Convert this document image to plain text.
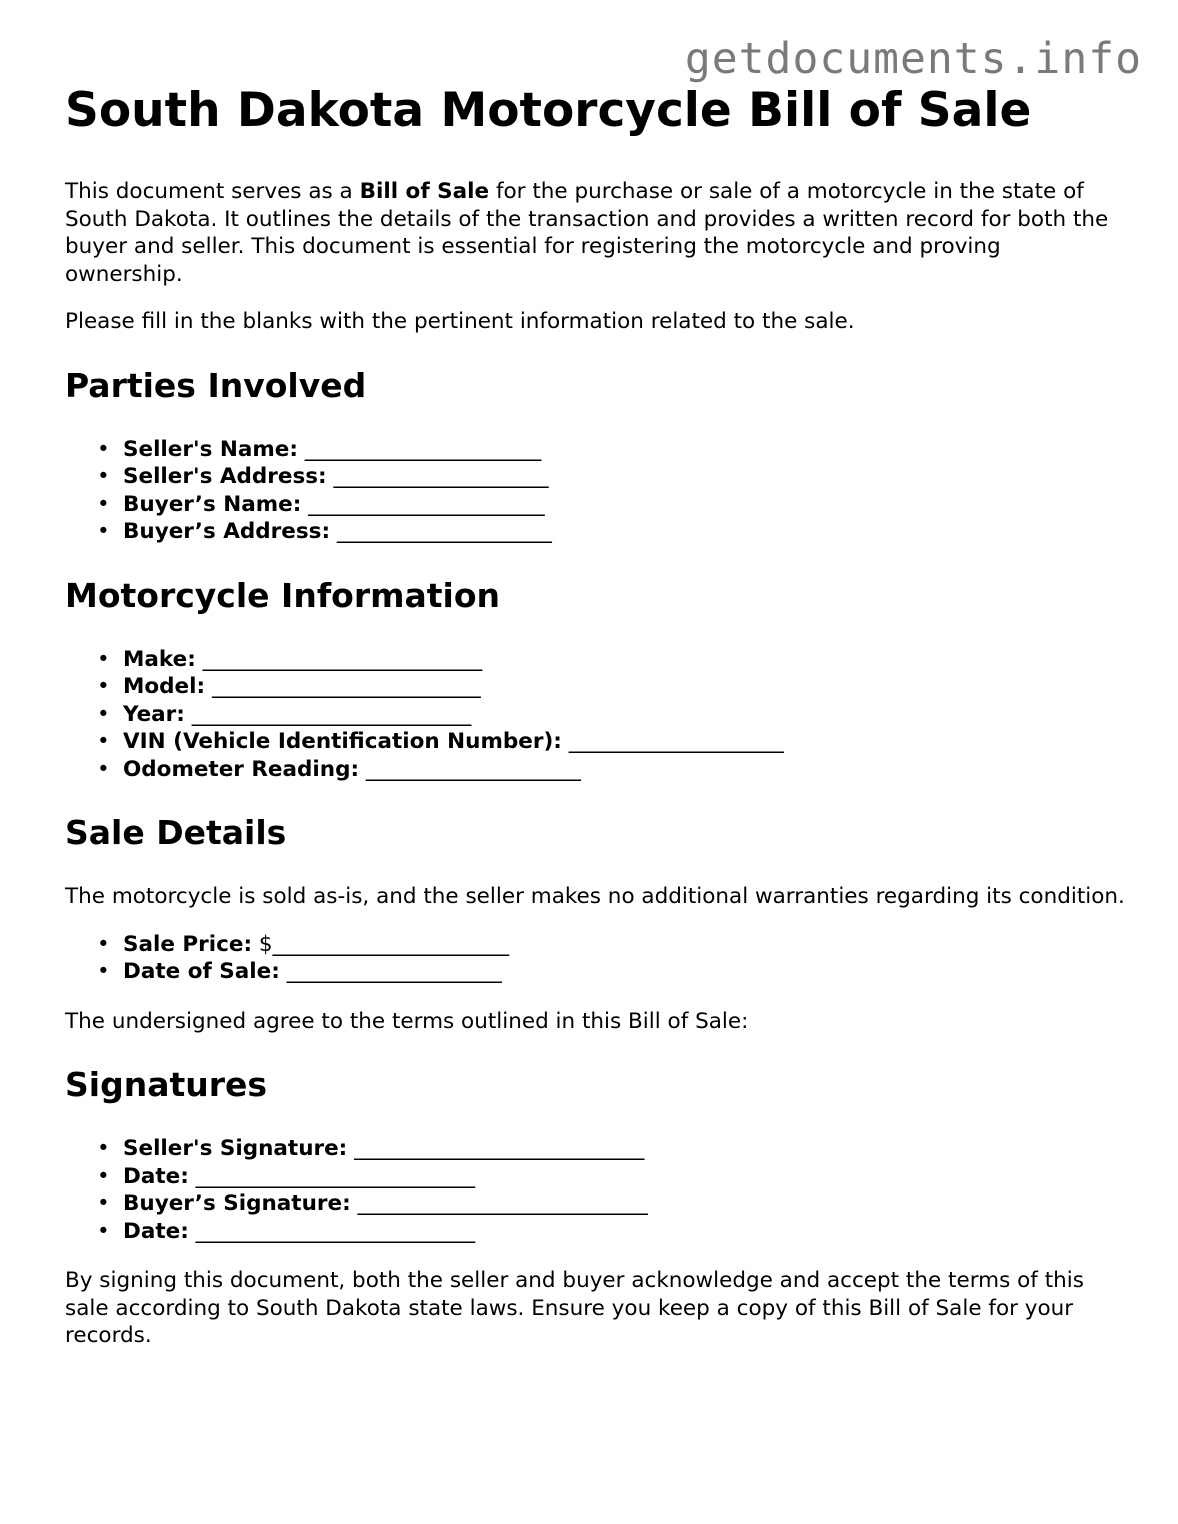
getdocuments.info
South Dakota Motorcycle Bill of Sale

This document serves as a Bill of Sale for the purchase or sale of a motorcycle in the state of South Dakota. It outlines the details of the transaction and provides a written record for both the buyer and seller. This document is essential for registering the motorcycle and proving ownership.

Please fill in the blanks with the pertinent information related to the sale.

Parties Involved
• Seller's Name: ______________________
• Seller's Address: ____________________
• Buyer’s Name: ______________________
• Buyer’s Address: ____________________
Motorcycle Information
• Make: __________________________
• Model: _________________________
• Year: __________________________
• VIN (Vehicle Identification Number): ____________________
• Odometer Reading: ____________________
Sale Details

The motorcycle is sold as-is, and the seller makes no additional warranties regarding its condition.

• Sale Price: $______________________
• Date of Sale: ____________________

The undersigned agree to the terms outlined in this Bill of Sale:

Signatures
• Seller's Signature: ___________________________
• Date: __________________________
• Buyer’s Signature: ___________________________
• Date: __________________________

By signing this document, both the seller and buyer acknowledge and accept the terms of this sale according to South Dakota state laws. Ensure you keep a copy of this Bill of Sale for your records.
